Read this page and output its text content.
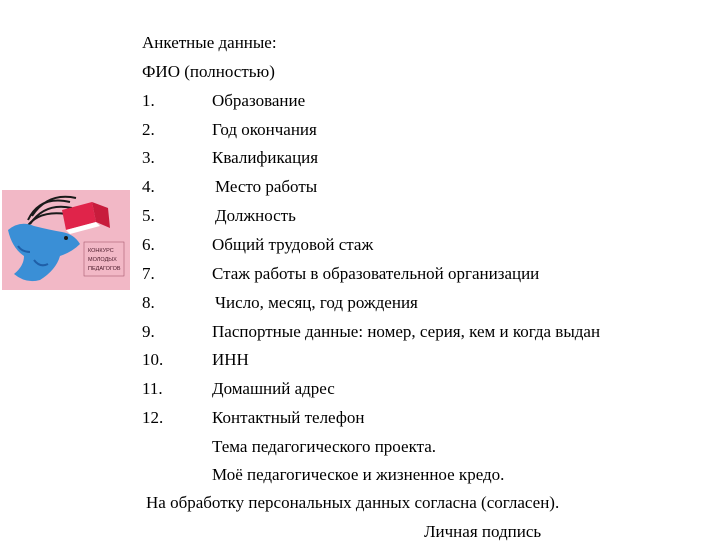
КОНКУРС
МОЛОДЫХ
ПЕДАГОГОВ
Анкетные данные:
ФИО (полностью)
1.	Образование
2.	Год окончания
3.	Квалификация
4.	Место работы
5.	Должность
6.	Общий трудовой стаж
7.	Стаж работы в образовательной организации
8.	Число, месяц, год рождения
9.	Паспортные данные: номер, серия, кем и когда выдан
10.	ИНН
11.	Домашний адрес
12.	Контактный телефон
Тема педагогического проекта.
Моё педагогическое и жизненное кредо.
На обработку персональных данных согласна (согласен).
Личная подпись
